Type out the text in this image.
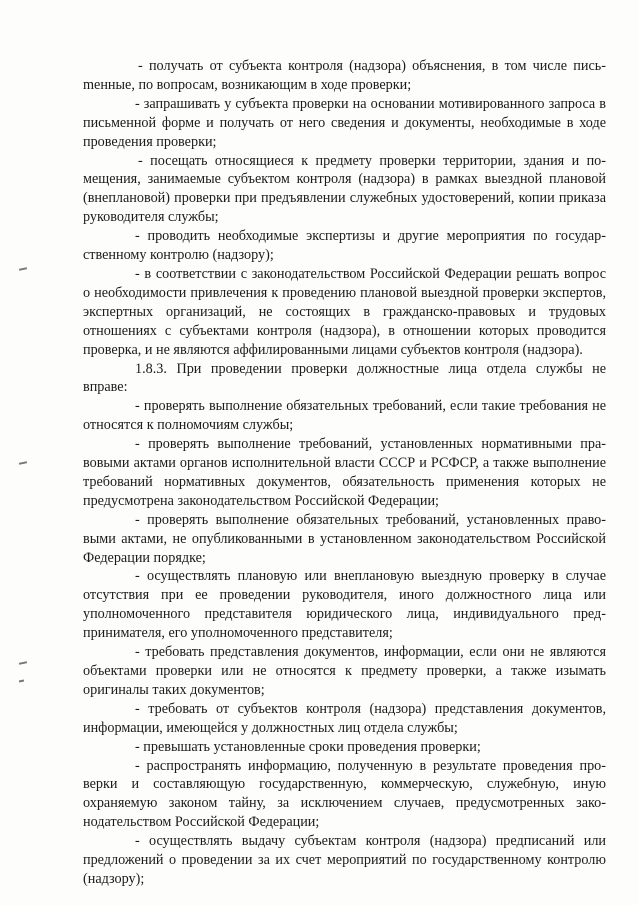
- получать от субъекта контроля (надзора) объяснения, в том числе письmенные, по вопросам, возникающим в ходе проверки;

- запрашивать у субъекта проверки на основании мотивированного запроса в письменной форме и получать от него сведения и документы, необходимые в ходе проведения проверки;

- посещать относящиеся к предмету проверки территории, здания и помещения, занимаемые субъектом контроля (надзора) в рамках выездной плановой (внеплановой) проверки при предъявлении служебных удостоверений, копии приказа руководителя службы;

- проводить необходимые экспертизы и другие мероприятия по государственному контролю (надзору);

- в соответствии с законодательством Российской Федерации решать вопрос о необходимости привлечения к проведению плановой выездной проверки экспертов, экспертных организаций, не состоящих в гражданско-правовых и трудовых отношениях с субъектами контроля (надзора), в отношении которых проводится проверка, и не являются аффилированными лицами субъектов контроля (надзора).

1.8.3. При проведении проверки должностные лица отдела службы не вправе:

- проверять выполнение обязательных требований, если такие требования не относятся к полномочиям службы;

- проверять выполнение требований, установленных нормативными правовыми актами органов исполнительной власти СССР и РСФСР, а также выполнение требований нормативных документов, обязательность применения которых не предусмотрена законодательством Российской Федерации;

- проверять выполнение обязательных требований, установленных правовыми актами, не опубликованными в установленном законодательством Российской Федерации порядке;

- осуществлять плановую или внеплановую выездную проверку в случае отсутствия при ее проведении руководителя, иного должностного лица или уполномоченного представителя юридического лица, индивидуального предпринимателя, его уполномоченного представителя;

- требовать представления документов, информации, если они не являются объектами проверки или не относятся к предмету проверки, а также изымать оригиналы таких документов;

- требовать от субъектов контроля (надзора) представления документов, информации, имеющейся у должностных лиц отдела службы;

- превышать установленные сроки проведения проверки;

- распространять информацию, полученную в результате проведения проверки и составляющую государственную, коммерческую, служебную, иную охраняемую законом тайну, за исключением случаев, предусмотренных законодательством Российской Федерации;

- осуществлять выдачу субъектам контроля (надзора) предписаний или предложений о проведении за их счет мероприятий по государственному контролю (надзору);
